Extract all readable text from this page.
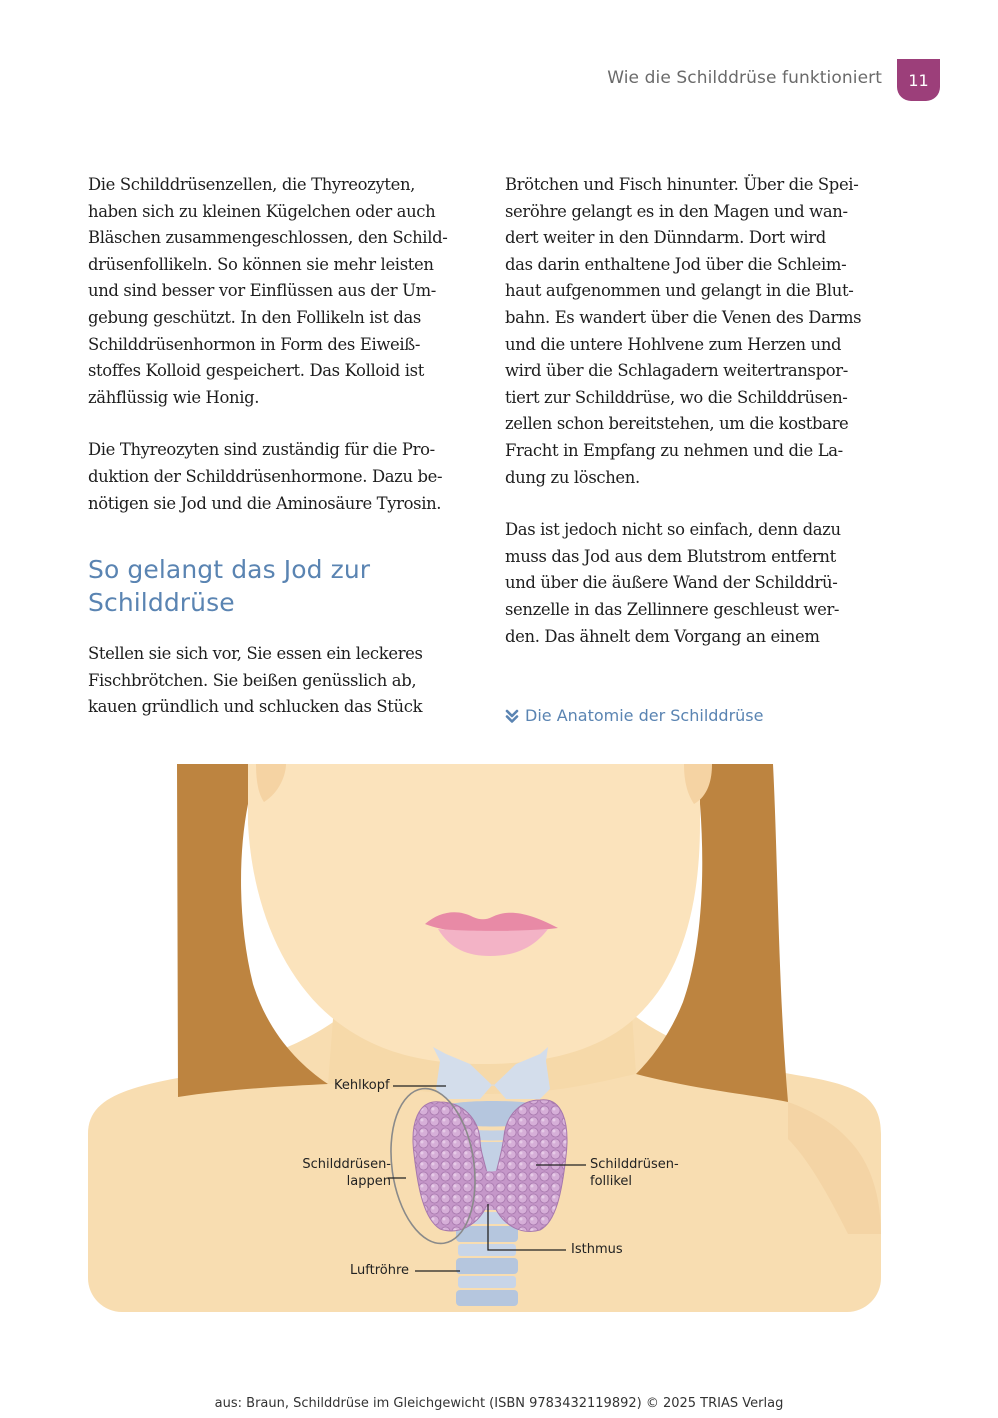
Wie die Schilddrüse funktioniert	11

Die Schilddrüsenzellen, die Thyreozyten,

haben sich zu kleinen Kügelchen oder auch

Bläschen zusammengeschlossen, den Schild-

drüsenfollikeln. So können sie mehr leisten

und sind besser vor Einflüssen aus der Um-

gebung geschützt. In den Follikeln ist das

Schilddrüsenhormon in Form des Eiweiß-

stoffes Kolloid gespeichert. Das Kolloid ist

zähflüssig wie Honig.

Die Thyreozyten sind zuständig für die Pro-

duktion der Schilddrüsenhormone. Dazu be-

nötigen sie Jod und die Aminosäure Tyrosin.

So gelangt das Jod zur
Schilddrüse

Stellen sie sich vor, Sie essen ein leckeres

Fischbrötchen. Sie beißen genüsslich ab,

kauen gründlich und schlucken das Stück

Brötchen und Fisch hinunter. Über die Spei-

seröhre gelangt es in den Magen und wan-

dert weiter in den Dünndarm. Dort wird

das darin enthaltene Jod über die Schleim-

haut aufgenommen und gelangt in die Blut-

bahn. Es wandert über die Venen des Darms

und die untere Hohlvene zum Herzen und

wird über die Schlagadern weitertranspor-

tiert zur Schilddrüse, wo die Schilddrüsen-

zellen schon bereitstehen, um die kostbare

Fracht in Empfang zu nehmen und die La-

dung zu löschen.

Das ist jedoch nicht so einfach, denn dazu

muss das Jod aus dem Blutstrom entfernt

und über die äußere Wand der Schilddrü-

senzelle in das Zellinnere geschleust wer-

den. Das ähnelt dem Vorgang an einem

Die Anatomie der Schilddrüse
Kehlkopf
Schilddrüsen-
lappen
Schilddrüsen-
follikel
Isthmus
Luftröhre
aus: Braun, Schilddrüse im Gleichgewicht (ISBN 9783432119892) © 2025 TRIAS Verlag
